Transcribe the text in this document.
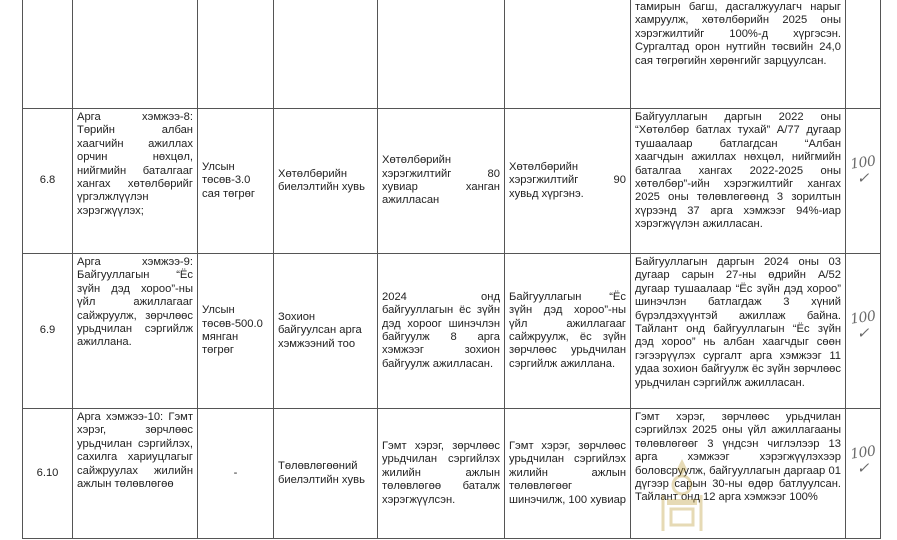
						тамирын багш, дасгалжуулагч нарыг хамруулж, хөтөлбөрийн 2025 оны хэрэгжилтийг 100%-д хүргэсэн. Сургалтад орон нутгийн төсвийн 24,0 сая төгрөгийн хөрөнгийг зарцуулсан.	

6.8	Арга хэмжээ-8: Төрийн албан хаагчийн ажиллах орчин нөхцөл, нийгмийн баталгааг хангах хөтөлбөрийг үргэлжлүүлэн хэрэгжүүлэх;	Улсын төсөв-3.0 сая төгрөг	Хөтөлбөрийн биелэлтийн хувь	Хөтөлбөрийн хэрэгжилтийг 80 хувиар ханган ажилласан	Хөтөлбөрийн хэрэгжилтийг 90 хувьд хүргэнэ.	Байгууллагын даргын 2022 оны “Хөтөлбөр батлах тухай” А/77 дугаар тушаалаар батлагдсан “Албан хаагчдын ажиллах нөхцөл, нийгмийн баталгаа хангах 2022-2025 оны хөтөлбөр”-ийн хэрэгжилтийг хангах 2025 оны төлөвлөгөөнд 3 зорилтын хүрээнд 37 арга хэмжээг 94%-иар хэрэгжүүлэн ажилласан.	100
✓

6.9	Арга хэмжээ-9: Байгууллагын “Ёс зүйн дэд хороо”-ны үйл ажиллагааг сайжруулж, зөрчлөөс урьдчилан сэргийлж ажиллана.	Улсын төсөв-500.0 мянган төгрөг	Зохион байгуулсан арга хэмжээний тоо	2024 онд байгууллагын ёс зүйн дэд хороог шинэчлэн байгуулж 8 арга хэмжээг зохион байгуулж ажилласан.	Байгууллагын “Ёс зүйн дэд хороо”-ны үйл ажиллагааг сайжруулж, ёс зүйн зөрчлөөс урьдчилан сэргийлж ажиллана.	Байгууллагын даргын 2024 оны 03 дугаар сарын 27-ны өдрийн А/52 дугаар тушаалаар “Ёс зүйн дэд хороо” шинэчлэн батлагдаж 3 хүний бүрэлдэхүүнтэй ажиллаж байна. Тайлант онд байгууллагын “Ёс зүйн дэд хороо” нь албан хаагчдыг сөөн гэгээрүүлэх сургалт арга хэмжээг 11 удаа зохион байгуулж ёс зүйн зөрчлөөс урьдчилан сэргийлж ажилласан.	100
✓

6.10	Арга хэмжээ-10: Гэмт хэрэг, зөрчлөөс урьдчилан сэргийлэх, сахилга хариуцлагыг сайжруулах жилийн ажлын төлөвлөгөө	-	Төлөвлөгөөний биелэлтийн хувь	Гэмт хэрэг, зөрчлөөс урьдчилан сэргийлэх жилийн ажлын төлөвлөгөө баталж хэрэгжүүлсэн.	Гэмт хэрэг, зөрчлөөс урьдчилан сэргийлэх жилийн ажлын төлөвлөгөөг шинэчилж, 100 хувиар	Гэмт хэрэг, зөрчлөөс урьдчилан сэргийлэх 2025 оны үйл ажиллагааны төлөвлөгөөг 3 үндсэн чиглэлээр 13 арга хэмжээг хэрэгжүүлэхээр боловсруулж, байгууллагын даргаар 01 дүгээр сарын 30-ны өдөр батлуулсан. Тайлант онд 12 арга хэмжээг 100%	100
✓
